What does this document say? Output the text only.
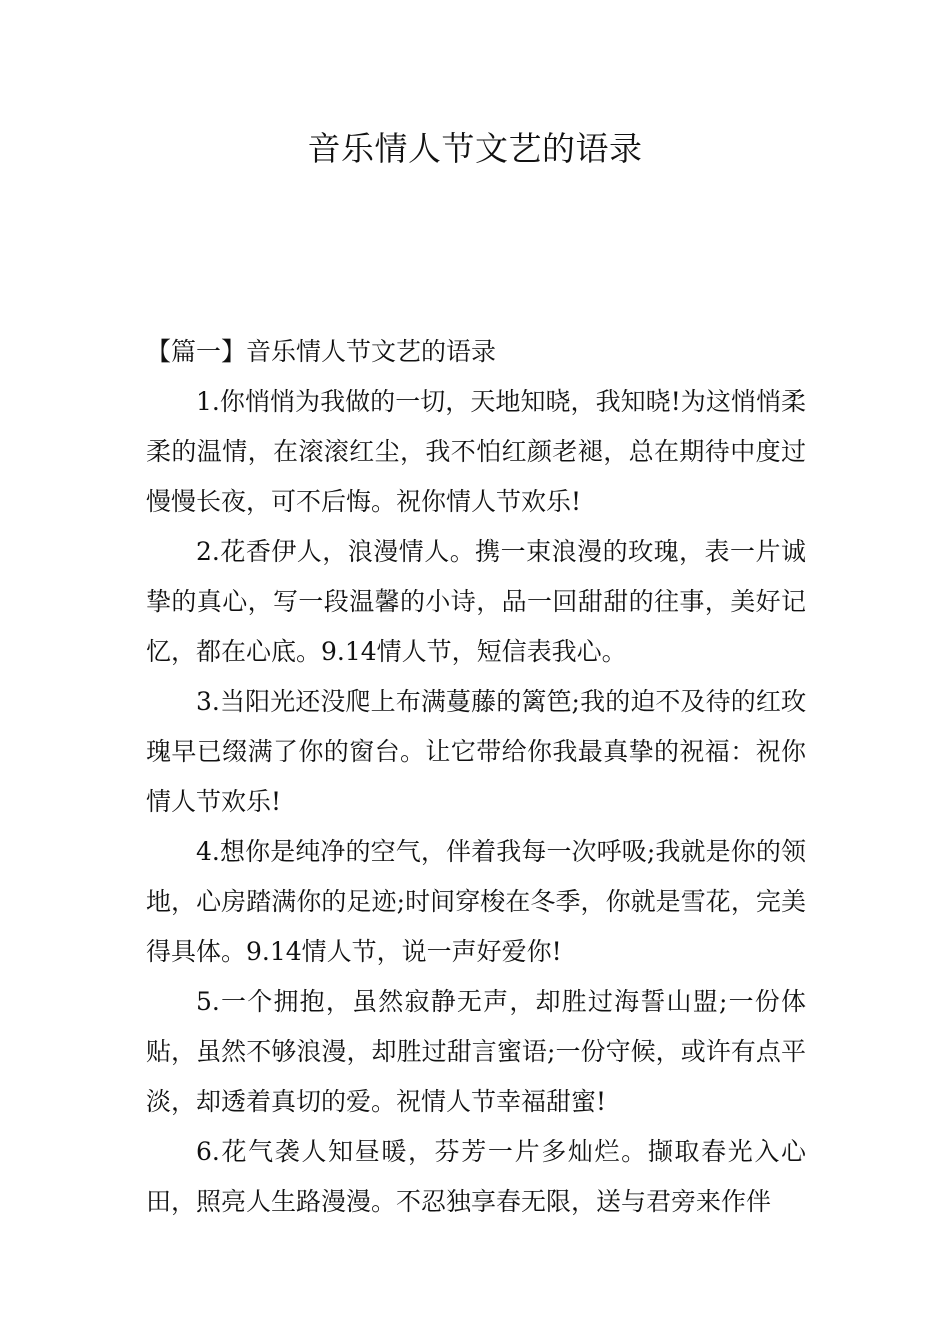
音乐情人节文艺的语录

【篇一】音乐情人节文艺的语录

1.你悄悄为我做的一切，天地知晓，我知晓!为这悄悄柔柔的温情，在滚滚红尘，我不怕红颜老褪，总在期待中度过慢慢长夜，可不后悔。祝你情人节欢乐!

2.花香伊人，浪漫情人。携一束浪漫的玫瑰，表一片诚挚的真心，写一段温馨的小诗，品一回甜甜的往事，美好记忆，都在心底。9.14情人节，短信表我心。

3.当阳光还没爬上布满蔓藤的篱笆;我的迫不及待的红玫瑰早已缀满了你的窗台。让它带给你我最真挚的祝福：祝你情人节欢乐!

4.想你是纯净的空气，伴着我每一次呼吸;我就是你的领地，心房踏满你的足迹;时间穿梭在冬季，你就是雪花，完美得具体。9.14情人节，说一声好爱你!

5.一个拥抱，虽然寂静无声，却胜过海誓山盟;一份体贴，虽然不够浪漫，却胜过甜言蜜语;一份守候，或许有点平淡，却透着真切的爱。祝情人节幸福甜蜜!

6.花气袭人知昼暖，芬芳一片多灿烂。撷取春光入心田，照亮人生路漫漫。不忍独享春无限，送与君旁来作伴
